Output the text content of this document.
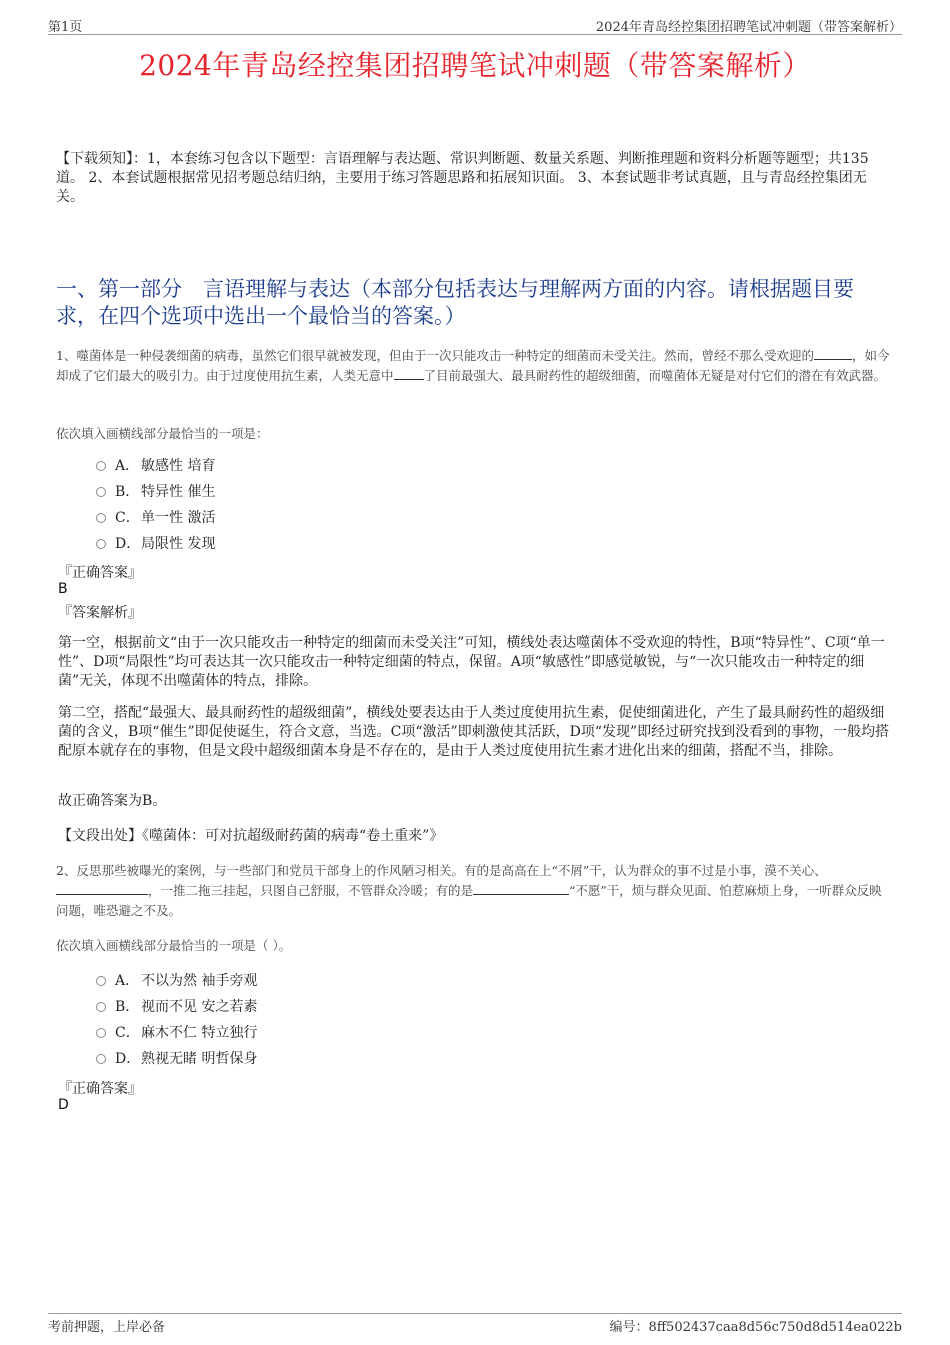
第1页	2024年青岛经控集团招聘笔试冲刺题（带答案解析）
2024年青岛经控集团招聘笔试冲刺题（带答案解析）
【下载须知】：1，本套练习包含以下题型：言语理解与表达题、常识判断题、数量关系题、判断推理题和资料分析题等题型；共135道。 2、本套试题根据常见招考题总结归纳，主要用于练习答题思路和拓展知识面。 3、本套试题非考试真题，且与青岛经控集团无关。
一、第一部分　言语理解与表达（本部分包括表达与理解两方面的内容。请根据题目要求，在四个选项中选出一个最恰当的答案。）
1、噬菌体是一种侵袭细菌的病毒，虽然它们很早就被发现，但由于一次只能攻击一种特定的细菌而未受关注。然而，曾经不那么受欢迎的	，如今却成了它们最大的吸引力。由于过度使用抗生素，人类无意中 了目前最强大、最具耐药性的超级细菌，而噬菌体无疑是对付它们的潜在有效武器。
依次填入画横线部分最恰当的一项是：
A． 敏感性 培育
B． 特异性 催生
C． 单一性 激活
D． 局限性 发现
『正确答案』
B
『答案解析』
第一空，根据前文“由于一次只能攻击一种特定的细菌而未受关注”可知，横线处表达噬菌体不受欢迎的特性，B项“特异性”、C项“单一性”、D项“局限性”均可表达其一次只能攻击一种特定细菌的特点，保留。A项“敏感性”即感觉敏锐，与“一次只能攻击一种特定的细菌”无关，体现不出噬菌体的特点，排除。
第二空，搭配“最强大、最具耐药性的超级细菌”，横线处要表达由于人类过度使用抗生素，促使细菌进化，产生了最具耐药性的超级细菌的含义，B项“催生”即促使诞生，符合文意，当选。C项“激活”即刺激使其活跃，D项“发现”即经过研究找到没看到的事物，一般均搭配原本就存在的事物，但是文段中超级细菌本身是不存在的，是由于人类过度使用抗生素才进化出来的细菌，搭配不当，排除。
故正确答案为B。
【文段出处】《噬菌体：可对抗超级耐药菌的病毒“卷土重来”》
2、反思那些被曝光的案例，与一些部门和党员干部身上的作风陋习相关。有的是高高在上“不屑”干，认为群众的事不过是小事，漠不关心、，一推二拖三挂起，只图自己舒服，不管群众冷暖；有的是	“不愿”干，烦与群众见面、怕惹麻烦上身，一听群众反映问题，唯恐避之不及。
依次填入画横线部分最恰当的一项是（ ）。
A． 不以为然 袖手旁观
B． 视而不见 安之若素
C． 麻木不仁 特立独行
D． 熟视无睹 明哲保身
『正确答案』
D
考前押题，上岸必备	编号：8ff502437caa8d56c750d8d514ea022b
